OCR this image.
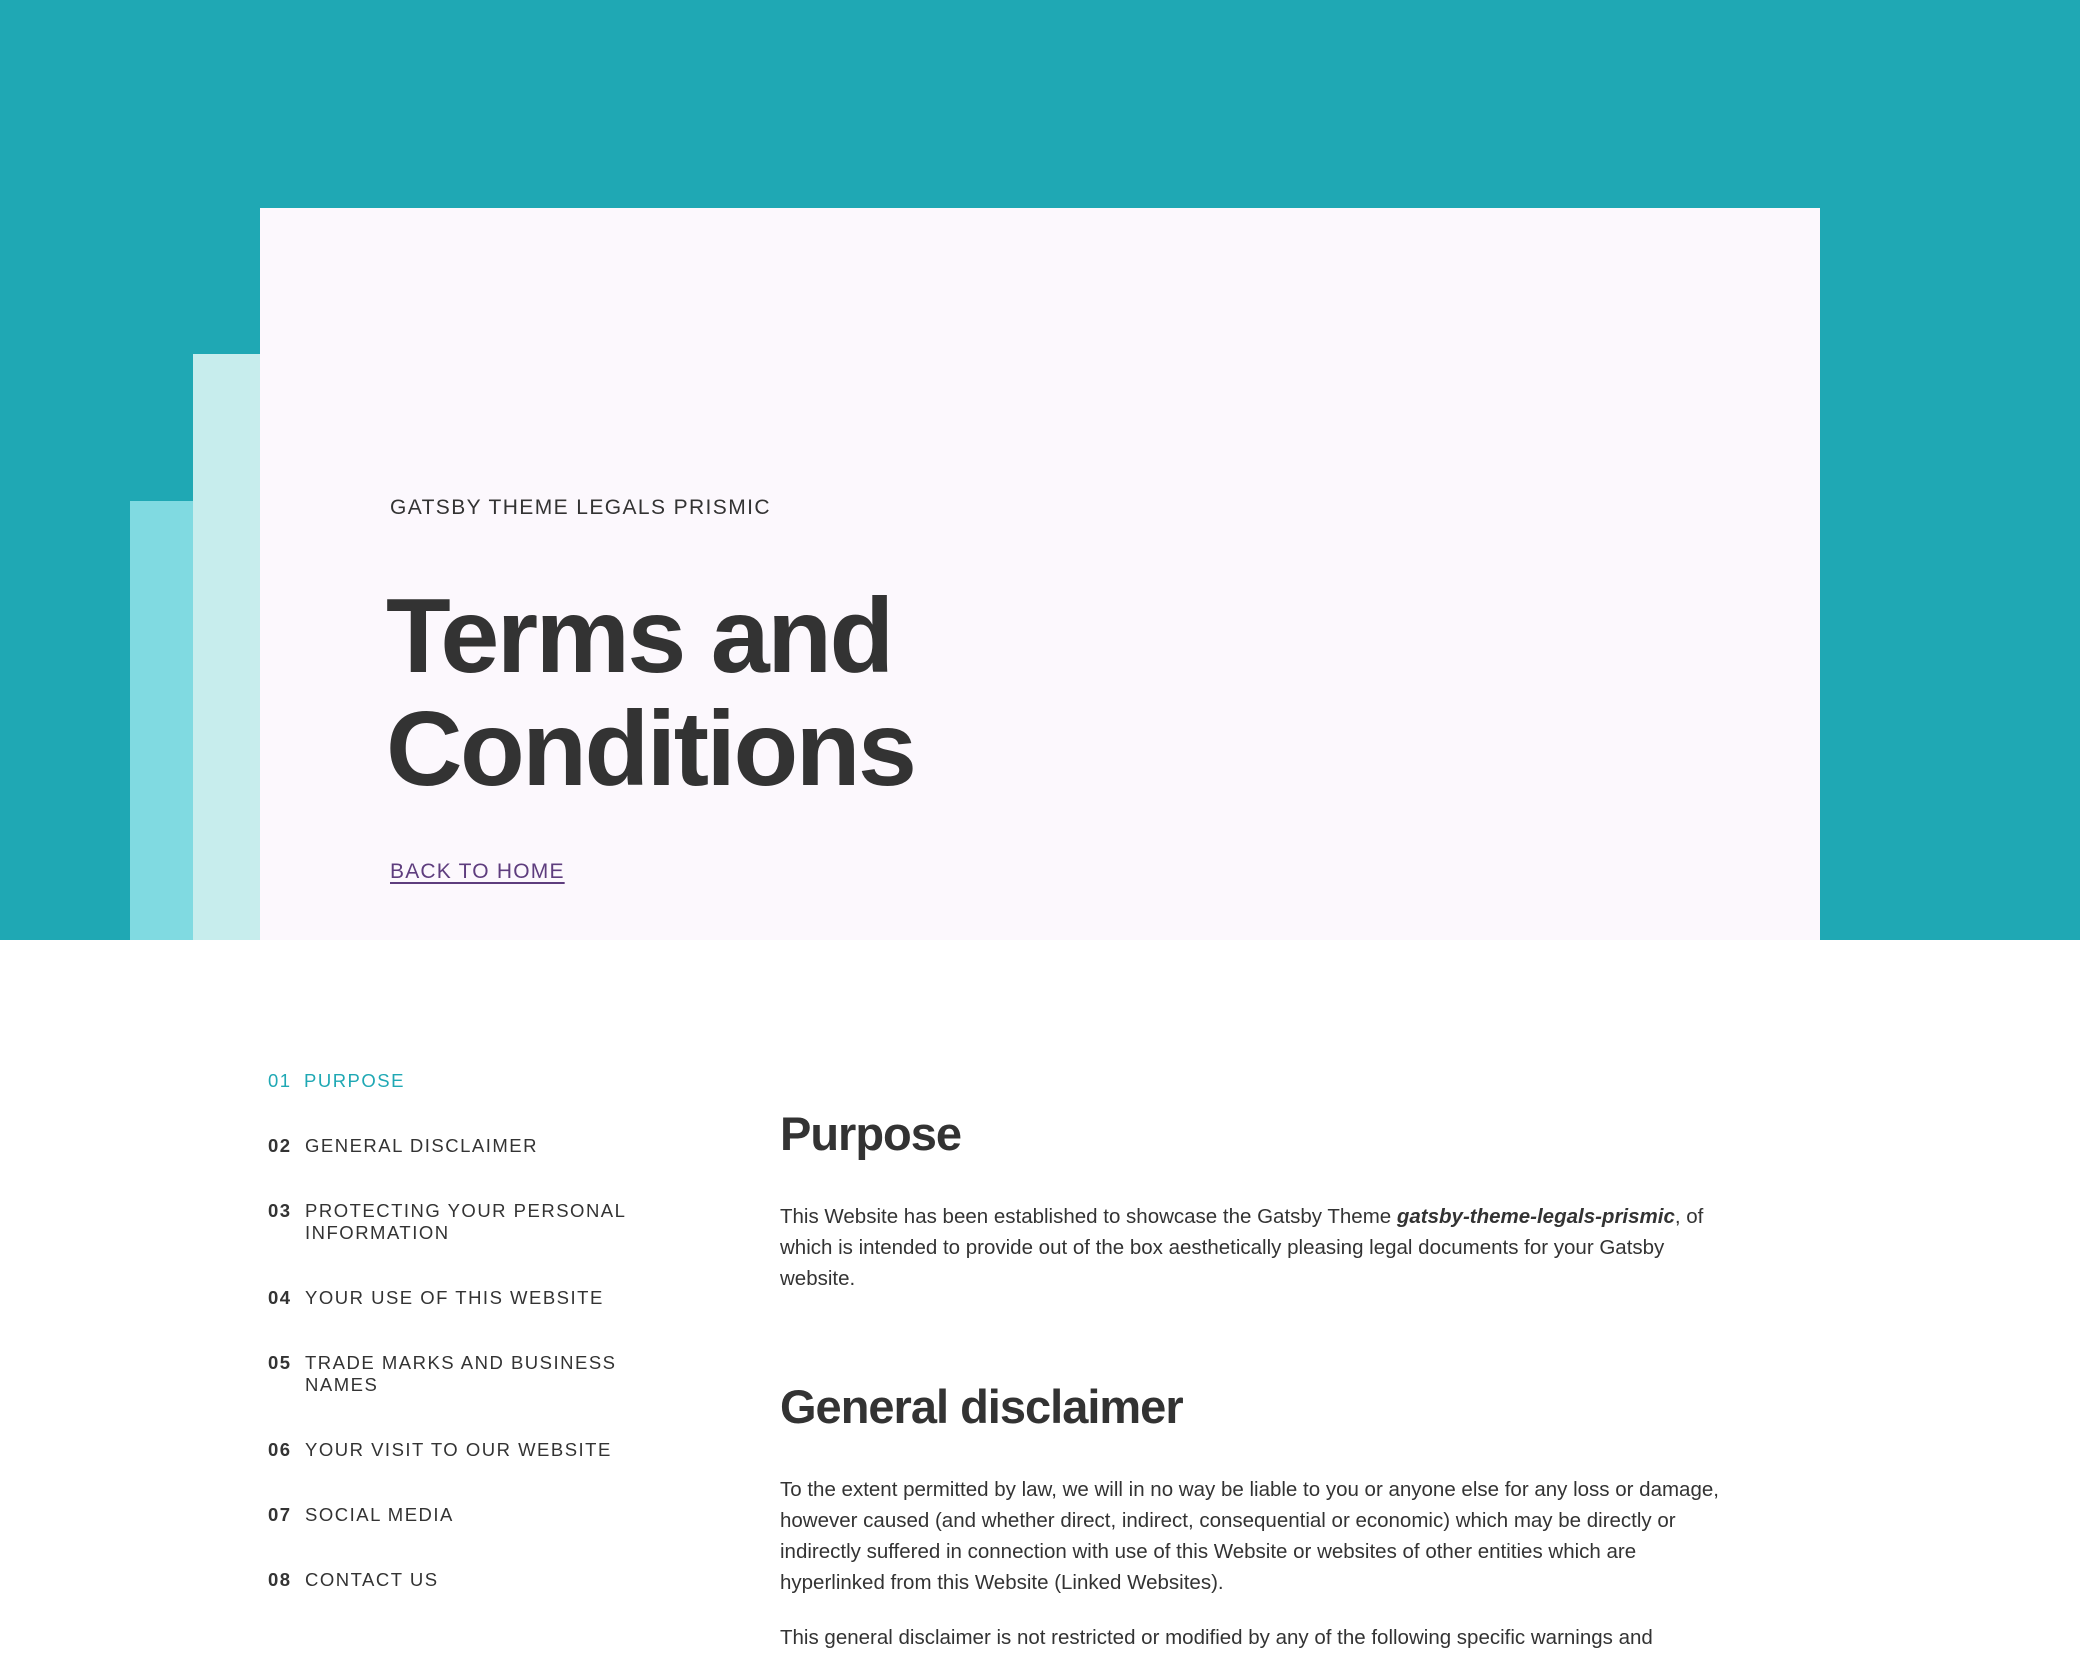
GATSBY THEME LEGALS PRISMIC
Terms and
Conditions
BACK TO HOME
01 PURPOSE
02 GENERAL DISCLAIMER
03 PROTECTING YOUR PERSONAL INFORMATION
04 YOUR USE OF THIS WEBSITE
05 TRADE MARKS AND BUSINESS NAMES
06 YOUR VISIT TO OUR WEBSITE
07 SOCIAL MEDIA
08 CONTACT US
Purpose

This Website has been established to showcase the Gatsby Theme gatsby-theme-legals-prismic, of which is intended to provide out of the box aesthetically pleasing legal documents for your Gatsby website.

General disclaimer

To the extent permitted by law, we will in no way be liable to you or anyone else for any loss or damage, however caused (and whether direct, indirect, consequential or economic) which may be directly or indirectly suffered in connection with use of this Website or websites of other entities which are hyperlinked from this Website (Linked Websites).

This general disclaimer is not restricted or modified by any of the following specific warnings and
